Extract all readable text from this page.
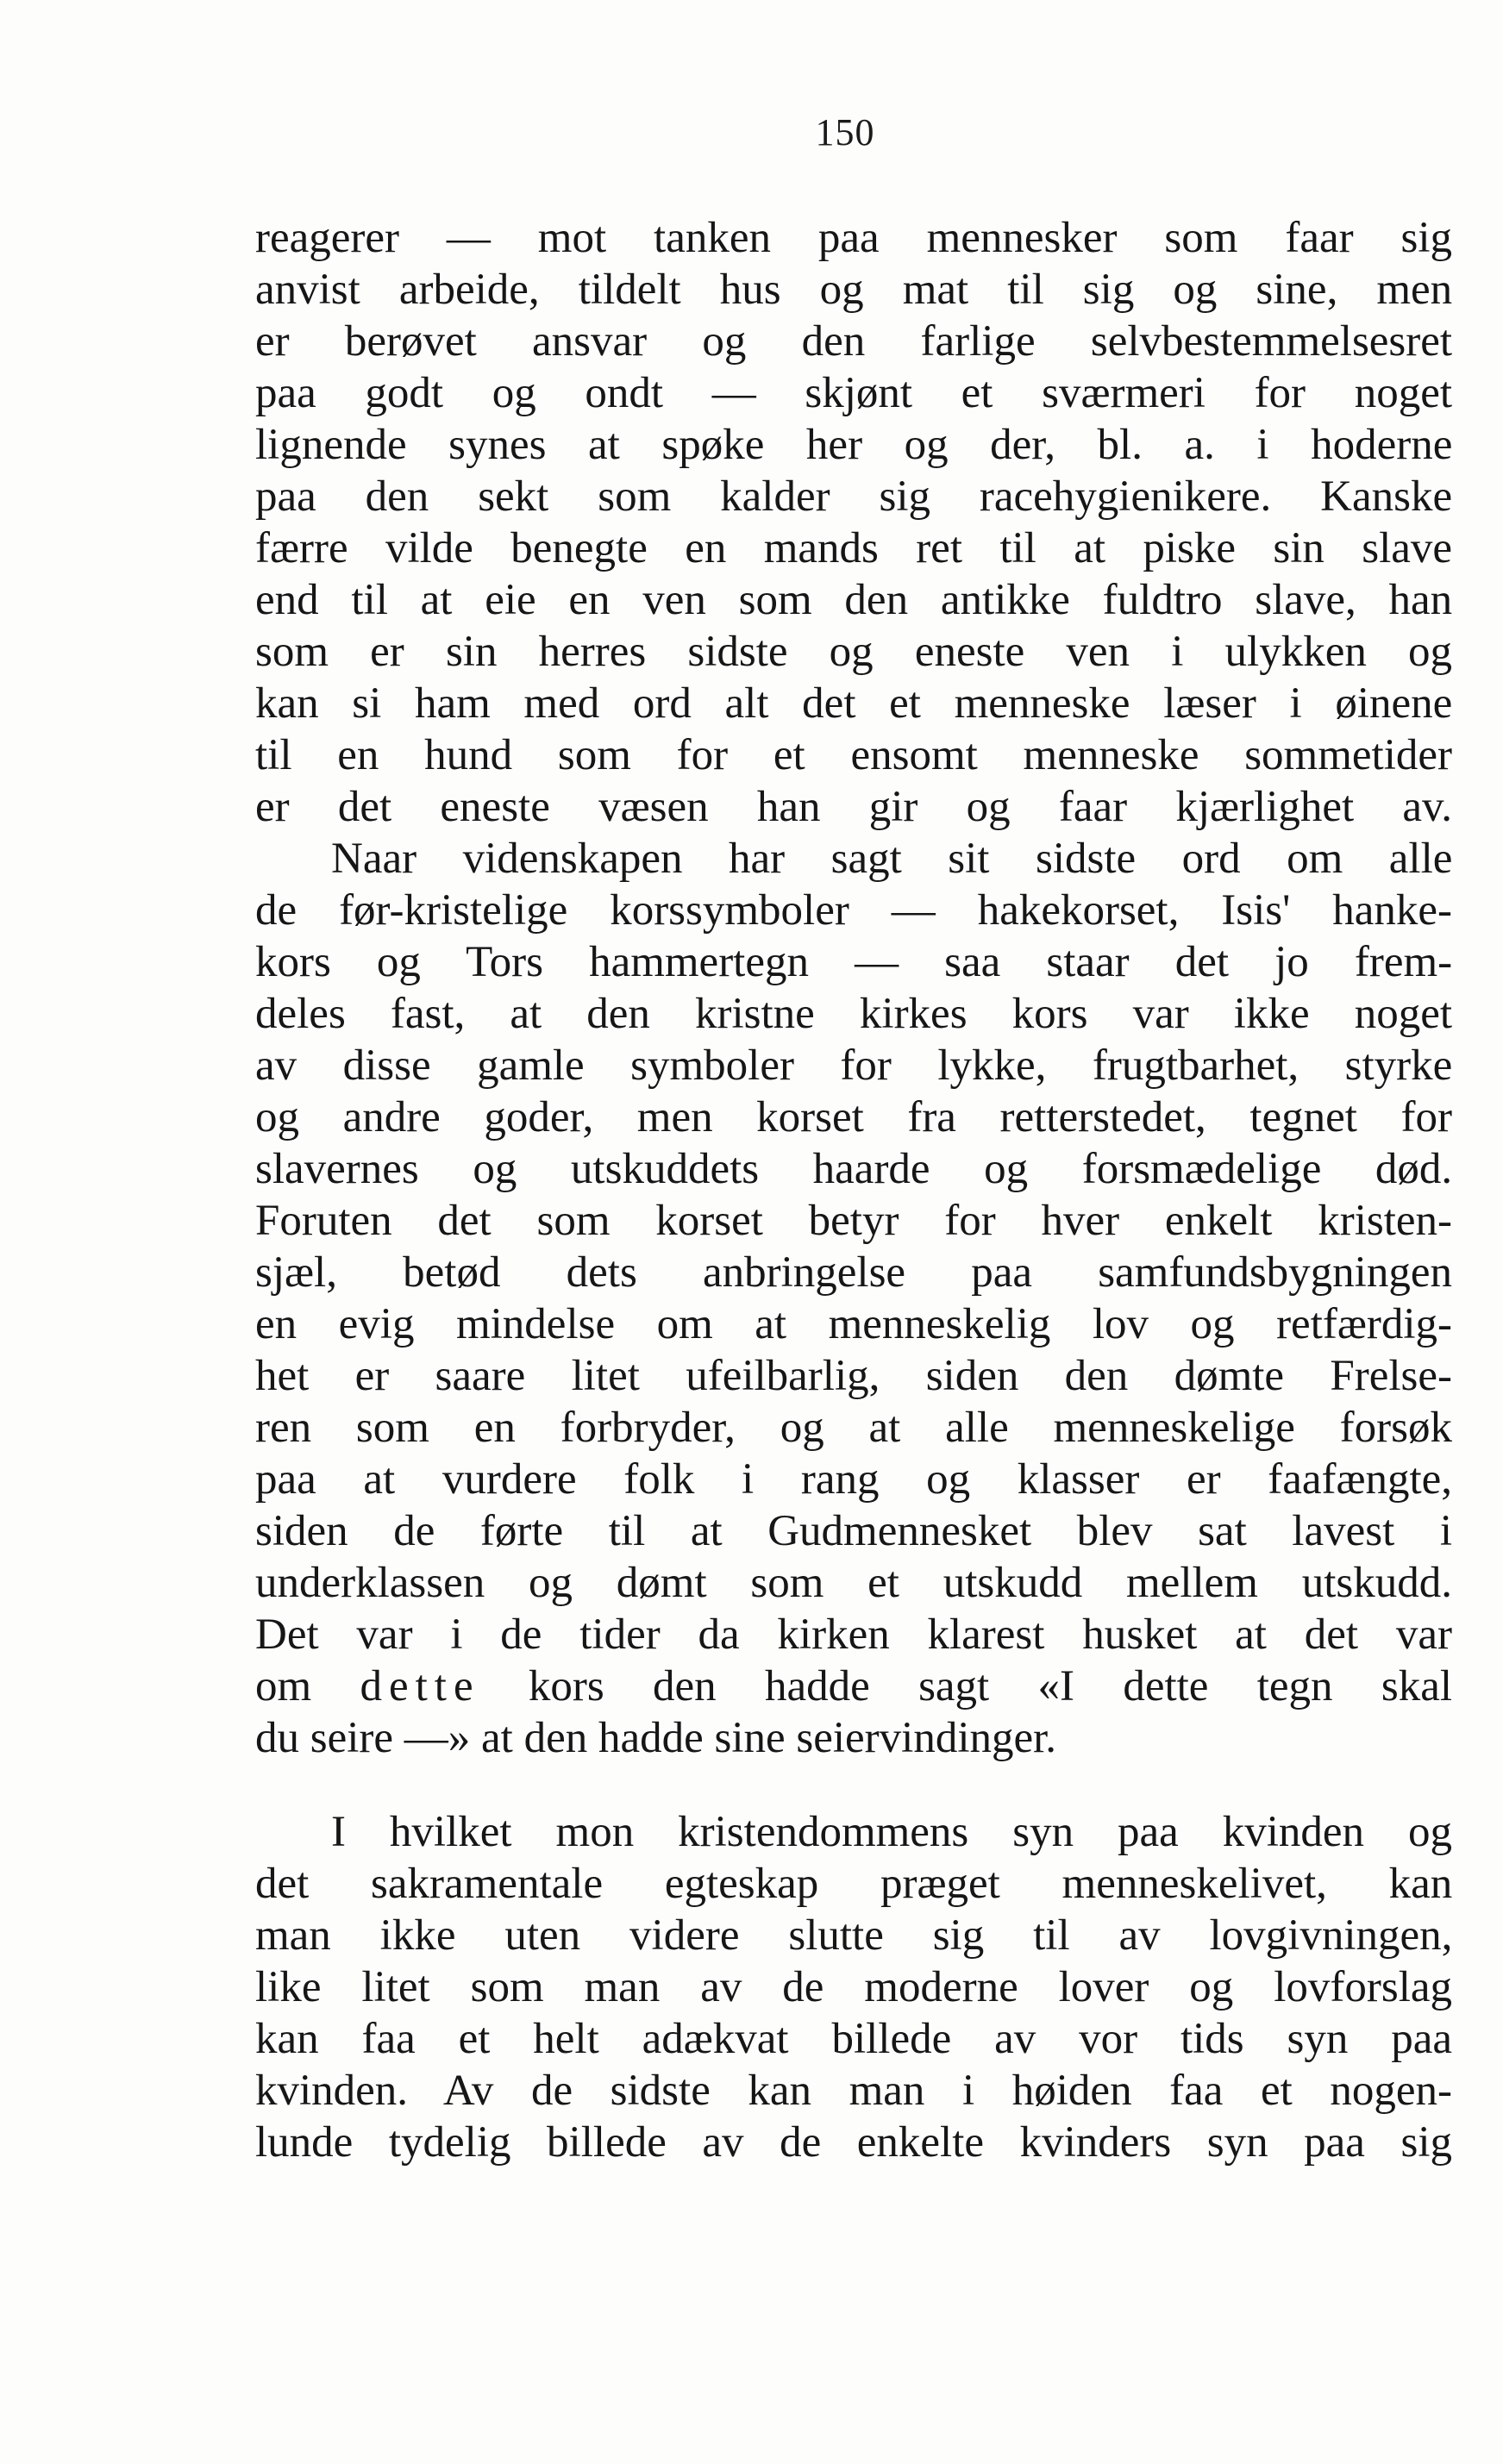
150
reagerer — mot tanken paa mennesker som faar sig
anvist arbeide, tildelt hus og mat til sig og sine, men
er berøvet ansvar og den farlige selvbestemmelsesret
paa godt og ondt — skjønt et sværmeri for noget
lignende synes at spøke her og der, bl. a. i hoderne
paa den sekt som kalder sig racehygienikere. Kanske
færre vilde benegte en mands ret til at piske sin slave
end til at eie en ven som den antikke fuldtro slave, han
som er sin herres sidste og eneste ven i ulykken og
kan si ham med ord alt det et menneske læser i øinene
til en hund som for et ensomt menneske sommetider
er det eneste væsen han gir og faar kjærlighet av.
Naar videnskapen har sagt sit sidste ord om alle
de før-kristelige korssymboler — hakekorset, Isis' hanke-
kors og Tors hammertegn — saa staar det jo frem-
deles fast, at den kristne kirkes kors var ikke noget
av disse gamle symboler for lykke, frugtbarhet, styrke
og andre goder, men korset fra retterstedet, tegnet for
slavernes og utskuddets haarde og forsmædelige død.
Foruten det som korset betyr for hver enkelt kristen-
sjæl, betød dets anbringelse paa samfundsbygningen
en evig mindelse om at menneskelig lov og retfærdig-
het er saare litet ufeilbarlig, siden den dømte Frelse-
ren som en forbryder, og at alle menneskelige forsøk
paa at vurdere folk i rang og klasser er faafængte,
siden de førte til at Gudmennesket blev sat lavest i
underklassen og dømt som et utskudd mellem utskudd.
Det var i de tider da kirken klarest husket at det var
om dette kors den hadde sagt «I dette tegn skal
du seire —» at den hadde sine seiervindinger.
I hvilket mon kristendommens syn paa kvinden og
det sakramentale egteskap præget menneskelivet, kan
man ikke uten videre slutte sig til av lovgivningen,
like litet som man av de moderne lover og lovforslag
kan faa et helt adækvat billede av vor tids syn paa
kvinden. Av de sidste kan man i høiden faa et nogen-
lunde tydelig billede av de enkelte kvinders syn paa sig
